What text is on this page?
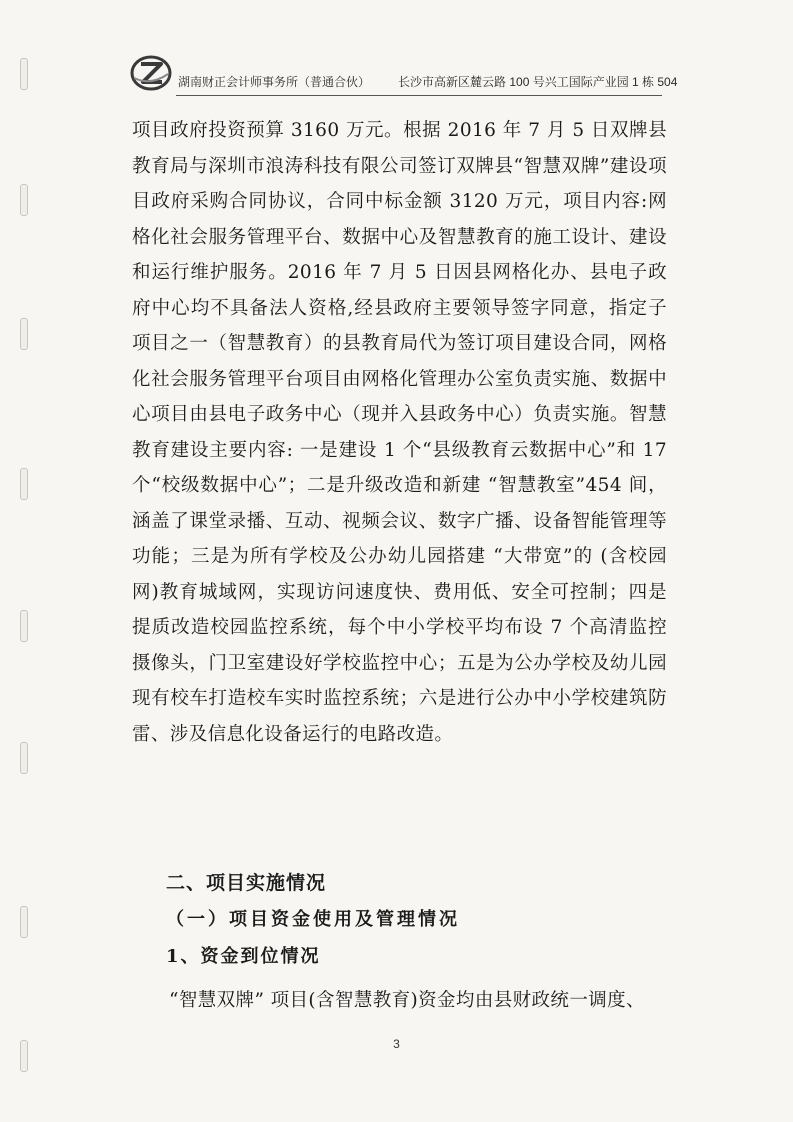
湖南财正会计师事务所（普通合伙） 长沙市高新区麓云路 100 号兴工国际产业园 1 栋 504

项目政府投资预算 3160 万元。根据 2016 年 7 月 5 日双牌县教育局与深圳市浪涛科技有限公司签订双牌县“智慧双牌”建设项目政府采购合同协议，合同中标金额 3120 万元，项目内容:网格化社会服务管理平台、数据中心及智慧教育的施工设计、建设和运行维护服务。2016 年 7 月 5 日因县网格化办、县电子政府中心均不具备法人资格,经县政府主要领导签字同意，指定子项目之一（智慧教育）的县教育局代为签订项目建设合同，网格化社会服务管理平台项目由网格化管理办公室负责实施、数据中心项目由县电子政务中心（现并入县政务中心）负责实施。智慧教育建设主要内容: 一是建设 1 个“县级教育云数据中心”和 17 个“校级数据中心”；二是升级改造和新建 “智慧教室”454 间，涵盖了课堂录播、互动、视频会议、数字广播、设备智能管理等功能；三是为所有学校及公办幼儿园搭建 “大带宽”的 (含校园网)教育城域网，实现访问速度快、费用低、安全可控制；四是提质改造校园监控系统，每个中小学校平均布设 7 个高清监控摄像头，门卫室建设好学校监控中心；五是为公办学校及幼儿园现有校车打造校车实时监控系统；六是进行公办中小学校建筑防雷、涉及信息化设备运行的电路改造。

二、项目实施情况
（一）项目资金使用及管理情况
1、资金到位情况

“智慧双牌” 项目(含智慧教育)资金均由县财政统一调度、

3
